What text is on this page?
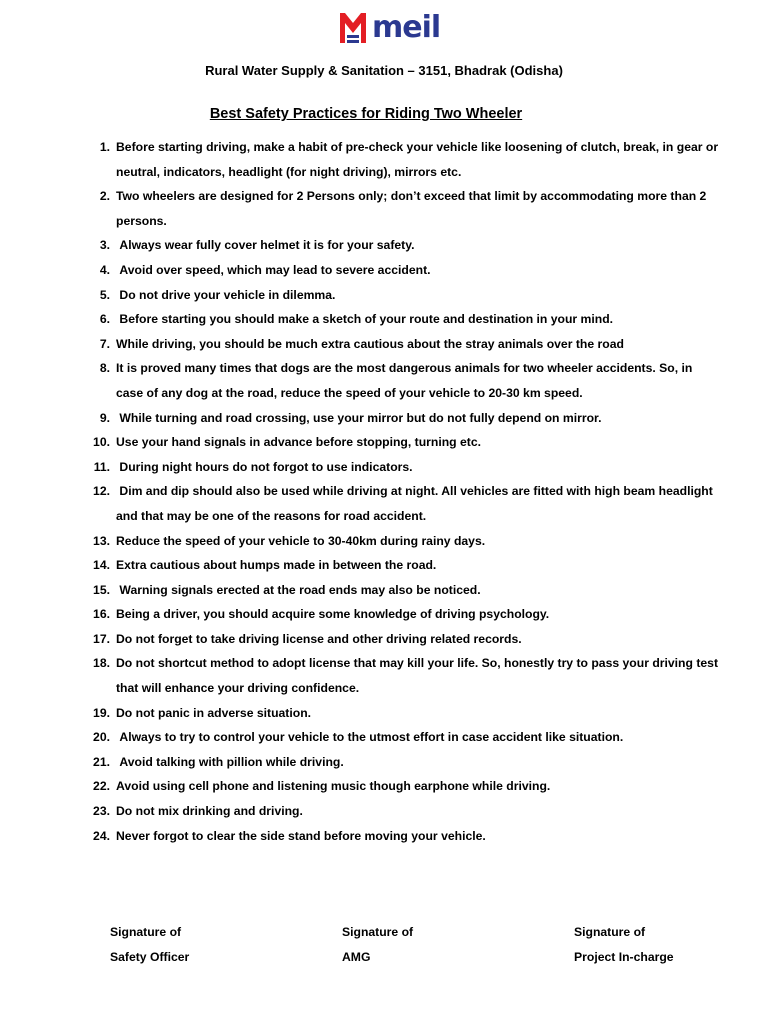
meil
Rural Water Supply & Sanitation – 3151, Bhadrak (Odisha)
Best Safety Practices for Riding Two Wheeler
1. Before starting driving, make a habit of pre-check your vehicle like loosening of clutch, break, in gear or neutral, indicators, headlight (for night driving), mirrors etc.
2. Two wheelers are designed for 2 Persons only; don’t exceed that limit by accommodating more than 2 persons.
3. Always wear fully cover helmet it is for your safety.
4. Avoid over speed, which may lead to severe accident.
5. Do not drive your vehicle in dilemma.
6. Before starting you should make a sketch of your route and destination in your mind.
7. While driving, you should be much extra cautious about the stray animals over the road
8. It is proved many times that dogs are the most dangerous animals for two wheeler accidents. So, in case of any dog at the road, reduce the speed of your vehicle to 20-30 km speed.
9. While turning and road crossing, use your mirror but do not fully depend on mirror.
10. Use your hand signals in advance before stopping, turning etc.
11. During night hours do not forgot to use indicators.
12. Dim and dip should also be used while driving at night. All vehicles are fitted with high beam headlight and that may be one of the reasons for road accident.
13. Reduce the speed of your vehicle to 30-40km during rainy days.
14. Extra cautious about humps made in between the road.
15. Warning signals erected at the road ends may also be noticed.
16. Being a driver, you should acquire some knowledge of driving psychology.
17. Do not forget to take driving license and other driving related records.
18. Do not shortcut method to adopt license that may kill your life. So, honestly try to pass your driving test that will enhance your driving confidence.
19. Do not panic in adverse situation.
20. Always to try to control your vehicle to the utmost effort in case accident like situation.
21. Avoid talking with pillion while driving.
22. Avoid using cell phone and listening music though earphone while driving.
23. Do not mix drinking and driving.
24. Never forgot to clear the side stand before moving your vehicle.
Signature of
Safety Officer
Signature of
AMG
Signature of
Project In-charge
